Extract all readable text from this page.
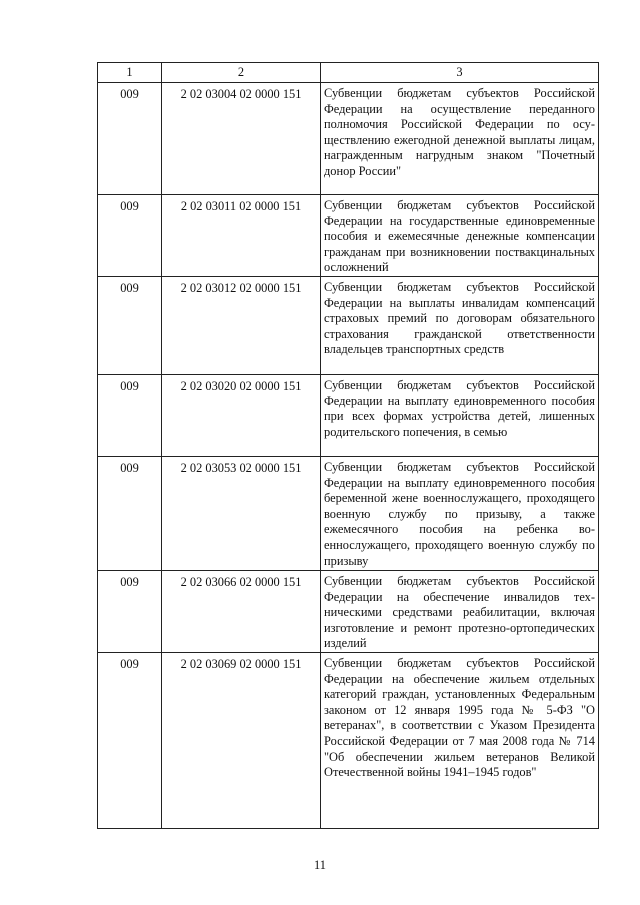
1	2	3
009	2 02 03004 02 0000 151	Субвенции бюджетам субъектов Российской Федерации на осуществление переданного полномочия Российской Федерации по осуществлению ежегодной денежной выплаты лицам, награжденным нагрудным знаком "Почетный донор России"
009	2 02 03011 02 0000 151	Субвенции бюджетам субъектов Российской Федерации на государственные единовременные пособия и ежемесячные денежные компенсации гражданам при возникновении поствакцинальных осложнений
009	2 02 03012 02 0000 151	Субвенции бюджетам субъектов Российской Федерации на выплаты инвалидам компенсаций страховых премий по договорам обязательного страхования гражданской ответственности владельцев транспортных средств
009	2 02 03020 02 0000 151	Субвенции бюджетам субъектов Российской Федерации на выплату единовременного пособия при всех формах устройства детей, лишенных родительского попечения, в семью
009	2 02 03053 02 0000 151	Субвенции бюджетам субъектов Российской Федерации на выплату единовременного пособия беременной жене военнослужащего, проходящего военную службу по призыву, а также ежемесячного пособия на ребенка военнослужащего, проходящего военную службу по призыву
009	2 02 03066 02 0000 151	Субвенции бюджетам субъектов Российской Федерации на обеспечение инвалидов техническими средствами реабилитации, включая изготовление и ремонт протезно-ортопедических изделий
009	2 02 03069 02 0000 151	Субвенции бюджетам субъектов Российской Федерации на обеспечение жильем отдельных категорий граждан, установленных Федеральным законом от 12 января 1995 года № 5-ФЗ "О ветеранах", в соответствии с Указом Президента Российской Федерации от 7 мая 2008 года № 714 "Об обеспечении жильем ветеранов Великой Отечественной войны 1941–1945 годов"
11
